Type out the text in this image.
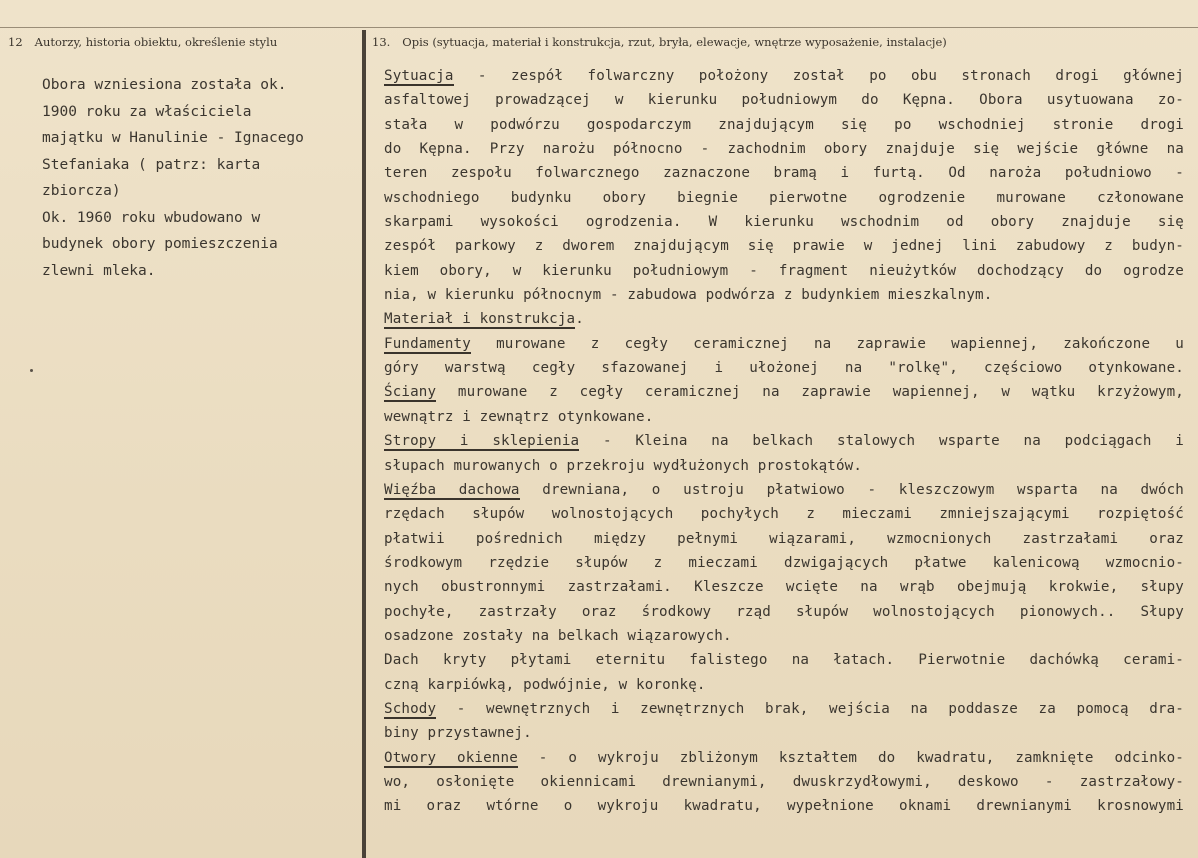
12 Autorzy, historia obiektu, określenie stylu	13. Opis (sytuacja, materiał i konstrukcja, rzut, bryła, elewacje, wnętrze wyposażenie, instalacje)
Obora wzniesiona została ok.
1900 roku za właściciela
majątku w Hanulinie - Ignacego
Stefaniaka ( patrz: karta
zbiorcza)
Ok. 1960 roku wbudowano w
budynek obory pomieszczenia
zlewni mleka.
Sytuacja - zespół folwarczny położony został po obu stronach drogi głównej
asfaltowej prowadzącej w kierunku południowym do Kępna. Obora usytuowana zo-
stała w podwórzu gospodarczym znajdującym się po wschodniej stronie drogi
do Kępna. Przy narożu północno - zachodnim obory znajduje się wejście główne na
teren zespołu folwarcznego zaznaczone bramą i furtą. Od naroża południowo -
wschodniego budynku obory biegnie pierwotne ogrodzenie murowane członowane
skarpami wysokości ogrodzenia. W kierunku wschodnim od obory znajduje się
zespół parkowy z dworem znajdującym się prawie w jednej lini zabudowy z budyn-
kiem obory, w kierunku południowym - fragment nieużytków dochodzący do ogrodze
nia, w kierunku północnym - zabudowa podwórza z budynkiem mieszkalnym.
Materiał i konstrukcja.
Fundamenty murowane z cegły ceramicznej na zaprawie wapiennej, zakończone u
góry warstwą cegły sfazowanej i ułożonej na "rolkę", częściowo otynkowane.
Ściany murowane z cegły ceramicznej na zaprawie wapiennej, w wątku krzyżowym,
wewnątrz i zewnątrz otynkowane.
Stropy i sklepienia - Kleina na belkach stalowych wsparte na podciągach i
słupach murowanych o przekroju wydłużonych prostokątów.
Więźba dachowa drewniana, o ustroju płatwiowo - kleszczowym wsparta na dwóch
rzędach słupów wolnostojących pochyłych z mieczami zmniejszającymi rozpiętość
płatwii pośrednich między pełnymi wiązarami, wzmocnionych zastrzałami oraz
środkowym rzędzie słupów z mieczami dzwigających płatwe kalenicową wzmocnio-
nych obustronnymi zastrzałami. Kleszcze wcięte na wrąb obejmują krokwie, słupy
pochyłe, zastrzały oraz środkowy rząd słupów wolnostojących pionowych.. Słupy
osadzone zostały na belkach wiązarowych.
Dach kryty płytami eternitu falistego na łatach. Pierwotnie dachówką cerami-
czną karpiówką, podwójnie, w koronkę.
Schody - wewnętrznych i zewnętrznych brak, wejścia na poddasze za pomocą dra-
biny przystawnej.
Otwory okienne - o wykroju zbliżonym kształtem do kwadratu, zamknięte odcinko-
wo, osłonięte okiennicami drewnianymi, dwuskrzydłowymi, deskowo - zastrzałowy-
mi oraz wtórne o wykroju kwadratu, wypełnione oknami drewnianymi krosnowymi
